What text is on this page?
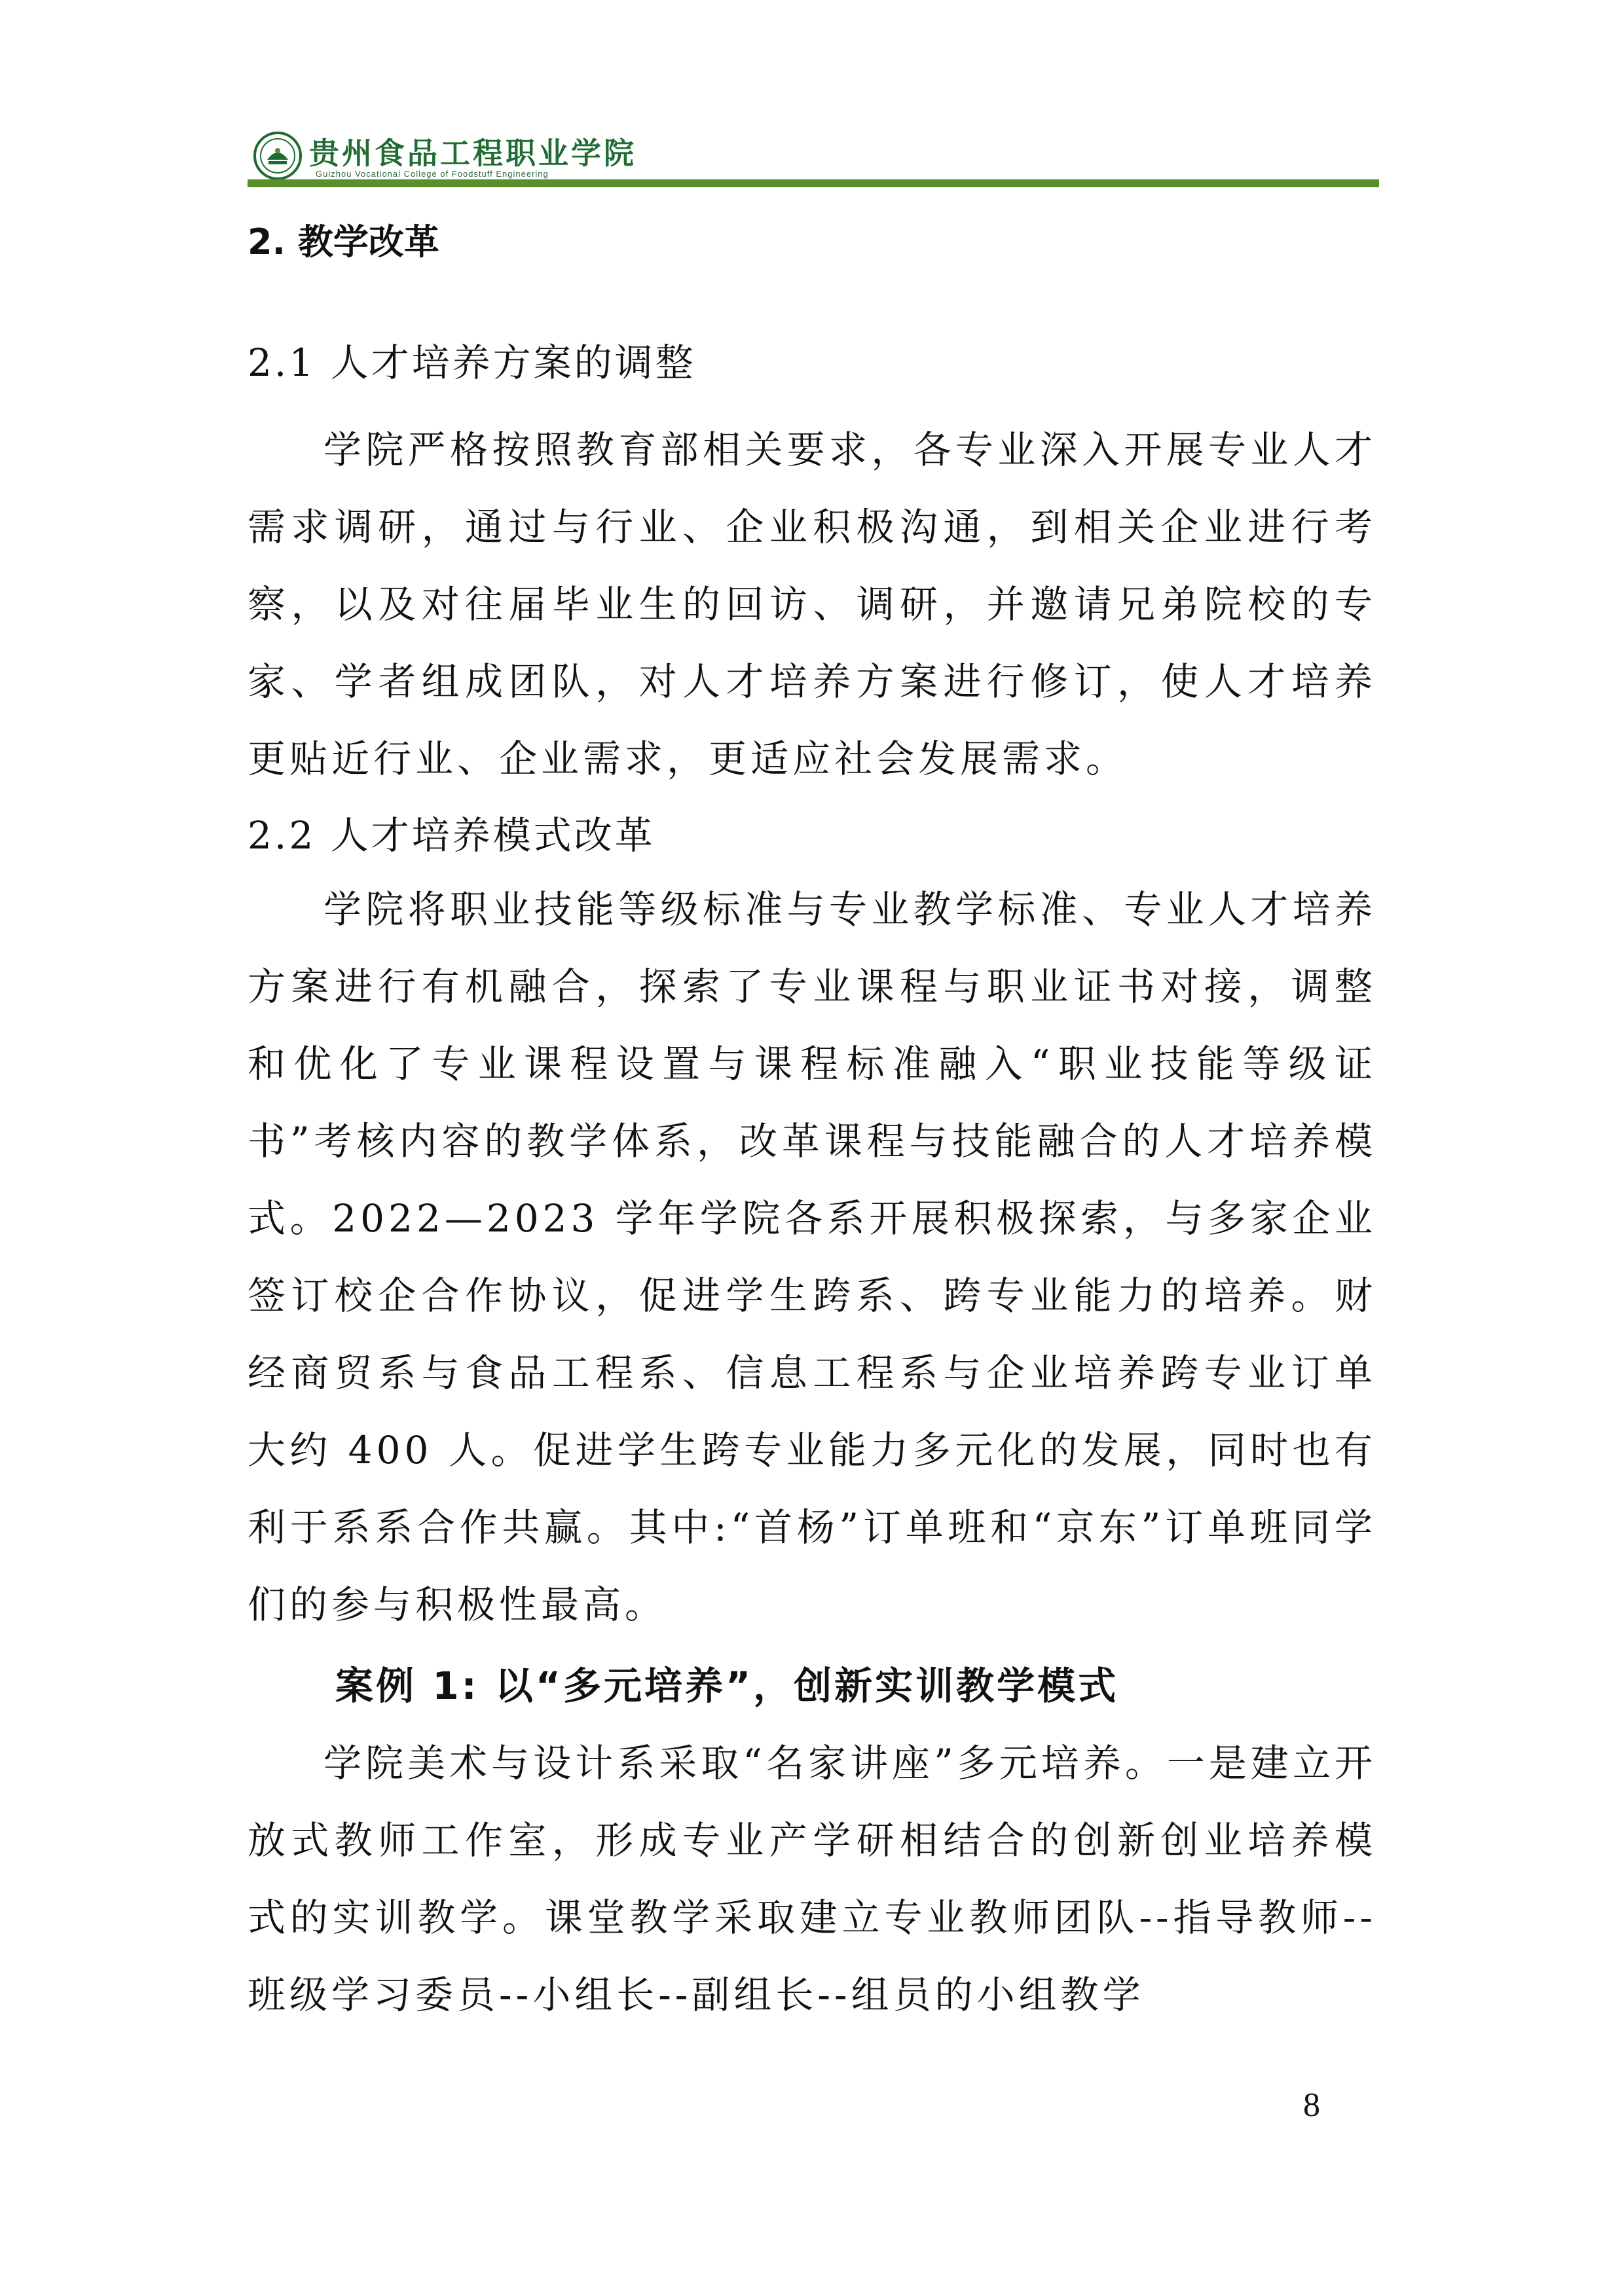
贵州食品工程职业学院
Guizhou Vocational College of Foodstuff Engineering
2. 教学改革
2.1 人才培养方案的调整

学院严格按照教育部相关要求，各专业深入开展专业人才需求调研，通过与行业、企业积极沟通，到相关企业进行考察，以及对往届毕业生的回访、调研，并邀请兄弟院校的专家、学者组成团队，对人才培养方案进行修订，使人才培养更贴近行业、企业需求，更适应社会发展需求。

2.2 人才培养模式改革

学院将职业技能等级标准与专业教学标准、专业人才培养方案进行有机融合，探索了专业课程与职业证书对接，调整和优化了专业课程设置与课程标准融入“职业技能等级证书”考核内容的教学体系，改革课程与技能融合的人才培养模式。2022—2023 学年学院各系开展积极探索，与多家企业签订校企合作协议，促进学生跨系、跨专业能力的培养。财经商贸系与食品工程系、信息工程系与企业培养跨专业订单大约 400 人。促进学生跨专业能力多元化的发展，同时也有利于系系合作共赢。其中:“首杨”订单班和“京东”订单班同学们的参与积极性最高。

案例 1: 以“多元培养”，创新实训教学模式

学院美术与设计系采取“名家讲座”多元培养。一是建立开放式教师工作室，形成专业产学研相结合的创新创业培养模式的实训教学。课堂教学采取建立专业教师团队--指导教师--班级学习委员--小组长--副组长--组员的小组教学

8
